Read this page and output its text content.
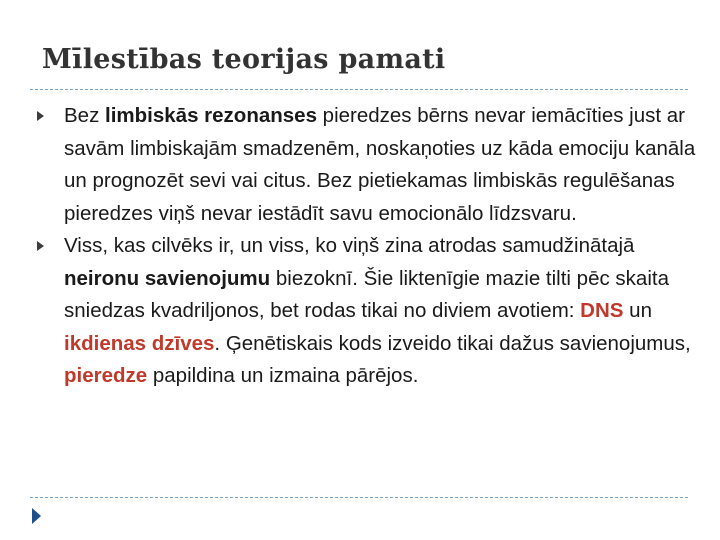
Mīlestības teorijas pamati
Bez limbiskās rezonanses pieredzes bērns nevar iemācīties just ar savām limbiskajām smadzenēm, noskaņoties uz kāda emociju kanāla un prognozēt sevi vai citus. Bez pietiekamas limbiskās regulēšanas pieredzes viņš nevar iestādīt savu emocionālo līdzsvaru.
Viss, kas cilvēks ir, un viss, ko viņš zina atrodas samudžinātajā neironu savienojumu biezoknī. Šie liktenīgie mazie tilti pēc skaita sniedzas kvadriljonos, bet rodas tikai no diviem avotiem: DNS un ikdienas dzīves. Ģenētiskais kods izveido tikai dažus savienojumus, pieredze papildina un izmaina pārējos.
